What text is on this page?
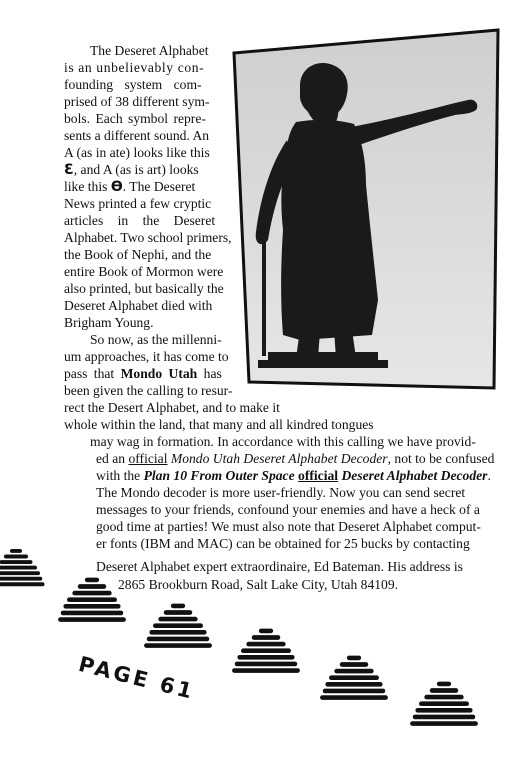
The Deseret Alphabet
is an unbelievably con-
founding system com-
prised of 38 different sym-
bols. Each symbol repre-
sents a different sound. An
A (as in ate) looks like this
Ɛ, and A (as is art) looks
like this Ɵ. The Deseret
News printed a few cryptic
articles in the Deseret
Alphabet. Two school primers,
the Book of Nephi, and the
entire Book of Mormon were
also printed, but basically the
Deseret Alphabet died with
Brigham Young.
So now, as the millenni-
um approaches, it has come to
pass that Mondo Utah has
been given the calling to resur-
rect the Desert Alphabet, and to make it
whole within the land, that many and all kindred tongues
may wag in formation. In accordance with this calling we have provid-
ed an official Mondo Utah Deseret Alphabet Decoder, not to be confused
with the Plan 10 From Outer Space official Deseret Alphabet Decoder.
The Mondo decoder is more user-friendly. Now you can send secret
messages to your friends, confound your enemies and have a heck of a
good time at parties! We must also note that Deseret Alphabet comput-
er fonts (IBM and MAC) can be obtained for 25 bucks by contacting
Deseret Alphabet expert extraordinaire, Ed Bateman. His address is
2865 Brookburn Road, Salt Lake City, Utah 84109.
PAGE 61
